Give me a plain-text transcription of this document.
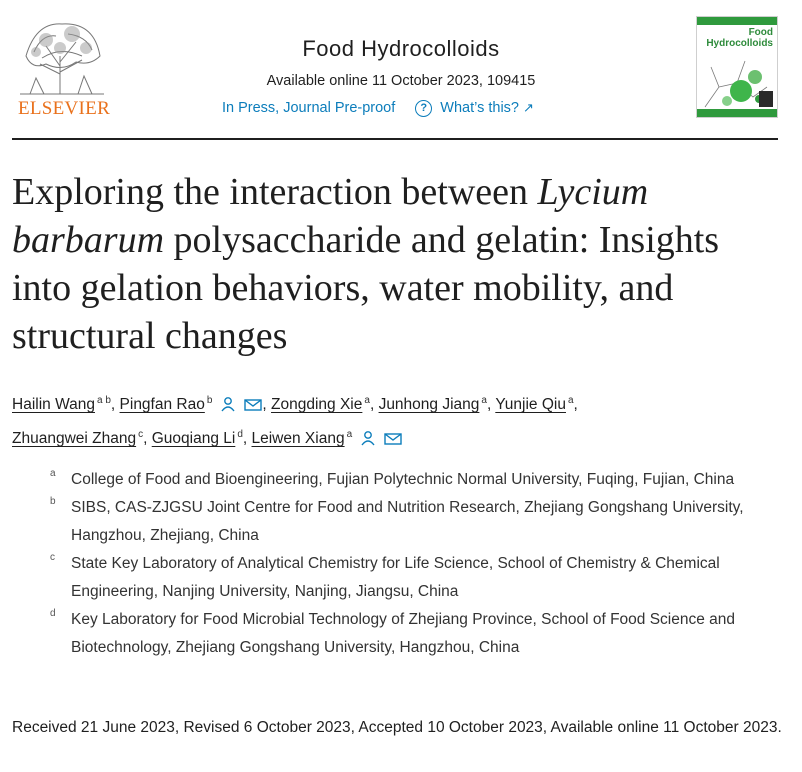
ELSEVIER
Food Hydrocolloids
Available online 11 October 2023, 109415
In Press, Journal Pre-proof	? What’s this? ↗
Food
Hydrocolloids
Exploring the interaction between Lycium barbarum polysaccharide and gelatin: Insights into gelation behaviors, water mobility, and structural changes
Hailin Wang $^{a b}$, Pingfan Rao $^b$	, Zongding Xie $^a$, Junhong Jiang $^a$, Yunjie Qiu $^a$,
Zhuangwei Zhang $^c$, Guoqiang Li $^d$, Leiwen Xiang $^a$
a College of Food and Bioengineering, Fujian Polytechnic Normal University, Fuqing, Fujian, China
b SIBS, CAS-ZJGSU Joint Centre for Food and Nutrition Research, Zhejiang Gongshang University, Hangzhou, Zhejiang, China
c State Key Laboratory of Analytical Chemistry for Life Science, School of Chemistry & Chemical Engineering, Nanjing University, Nanjing, Jiangsu, China
d Key Laboratory for Food Microbial Technology of Zhejiang Province, School of Food Science and Biotechnology, Zhejiang Gongshang University, Hangzhou, China
Received 21 June 2023, Revised 6 October 2023, Accepted 10 October 2023, Available online 11 October 2023.
